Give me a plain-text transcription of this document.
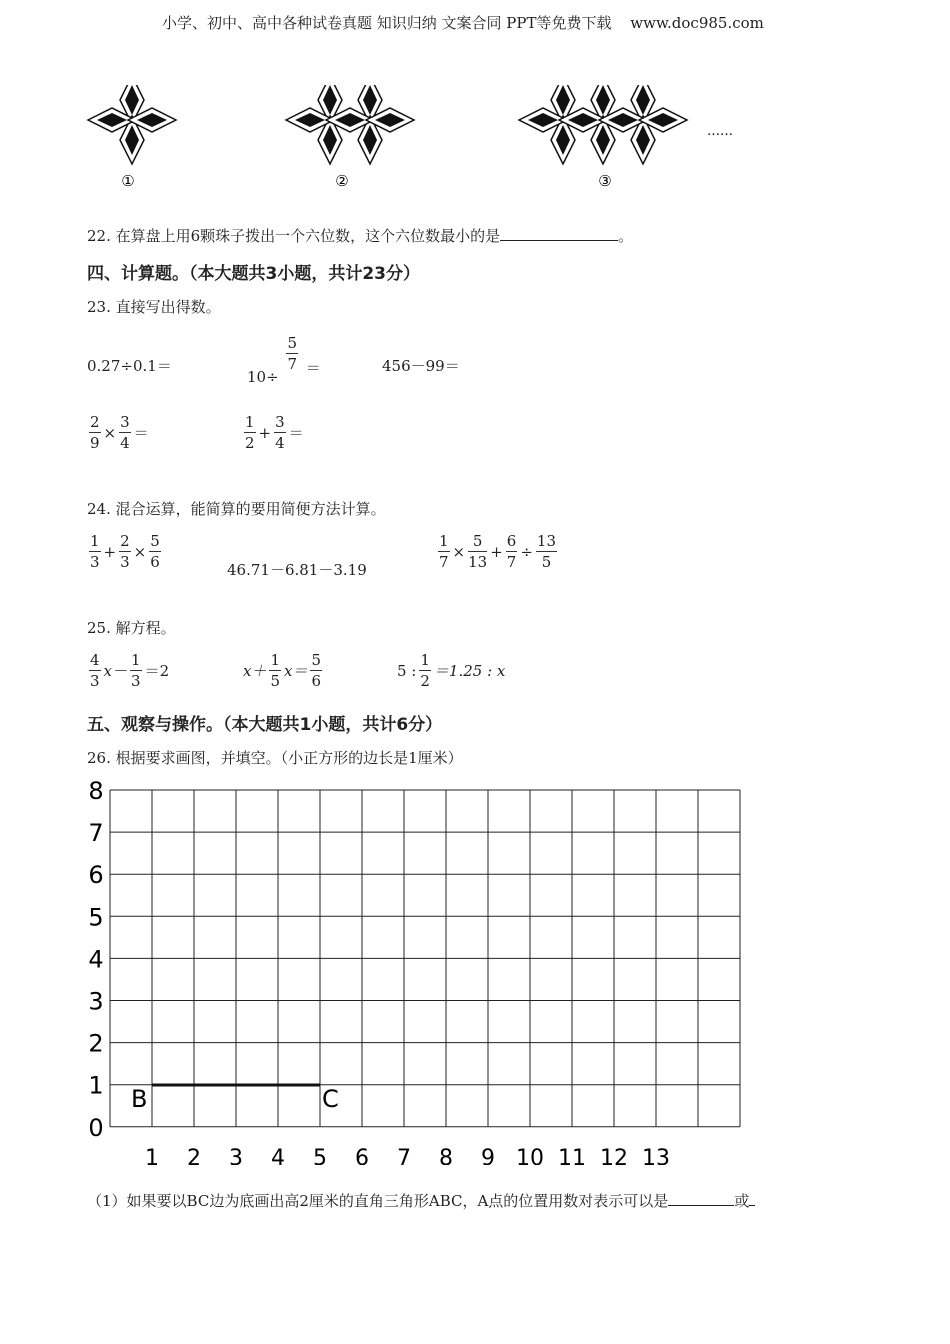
小学、初中、高中各种试卷真题 知识归纳 文案合同 PPT等免费下载 www.doc985.com
①	②	③
……
22. 在算盘上用6颗珠子拨出一个六位数，这个六位数最小的是	。
四、计算题。（本大题共3小题，共计23分）
23. 直接写出得数。
0.27÷0.1＝
10÷
$\frac{5}{7}$ ＝	456－99＝
$\frac{2}{9} \times \frac{3}{4}$ ＝	$\frac{1}{2} + \frac{3}{4}$ ＝
24. 混合运算，能简算的要用简便方法计算。
$\frac{1}{3} + \frac{2}{3} \times \frac{5}{6}$	46.71－6.81－3.19	$\frac{1}{7} \times \frac{5}{13} + \frac{6}{7} \div \frac{13}{5}$
25. 解方程。
$\frac{4}{3} x- \frac{1}{3} =2$	$x+ \frac{1}{5} x= \frac{5}{6}$	5 : $\frac{1}{2} =1.25$ : x
五、观察与操作。（本大题共1小题，共计6分）
26. 根据要求画图，并填空。（小正方形的边长是1厘米）
B	C
0
1
2
3
4
5
6
7
8
1 2 3 4 5 6 7 8 9 10 11 12 13
（1）如果要以BC边为底画出高2厘米的直角三角形ABC，A点的位置用数对表示可以是	或
